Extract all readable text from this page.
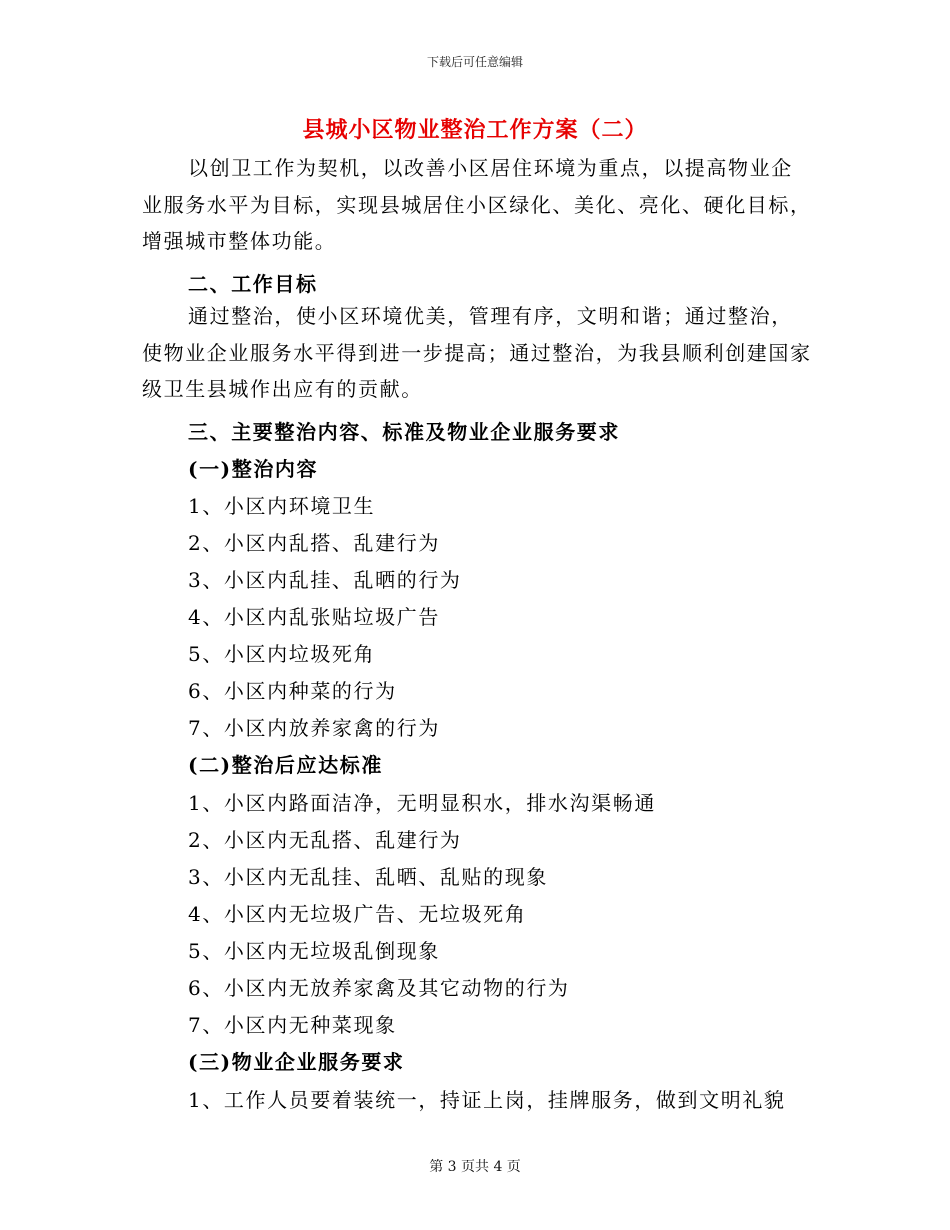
下载后可任意编辑
县城小区物业整治工作方案（二）
以创卫工作为契机，以改善小区居住环境为重点，以提高物业企业服务水平为目标，实现县城居住小区绿化、美化、亮化、硬化目标，增强城市整体功能。
二、工作目标
通过整治，使小区环境优美，管理有序，文明和谐；通过整治，使物业企业服务水平得到进一步提高；通过整治，为我县顺利创建国家级卫生县城作出应有的贡献。
三、主要整治内容、标准及物业企业服务要求
(一)整治内容
1、小区内环境卫生
2、小区内乱搭、乱建行为
3、小区内乱挂、乱晒的行为
4、小区内乱张贴垃圾广告
5、小区内垃圾死角
6、小区内种菜的行为
7、小区内放养家禽的行为
(二)整治后应达标准
1、小区内路面洁净，无明显积水，排水沟渠畅通
2、小区内无乱搭、乱建行为
3、小区内无乱挂、乱晒、乱贴的现象
4、小区内无垃圾广告、无垃圾死角
5、小区内无垃圾乱倒现象
6、小区内无放养家禽及其它动物的行为
7、小区内无种菜现象
(三)物业企业服务要求
1、工作人员要着装统一，持证上岗，挂牌服务，做到文明礼貌
第 3 页共 4 页
